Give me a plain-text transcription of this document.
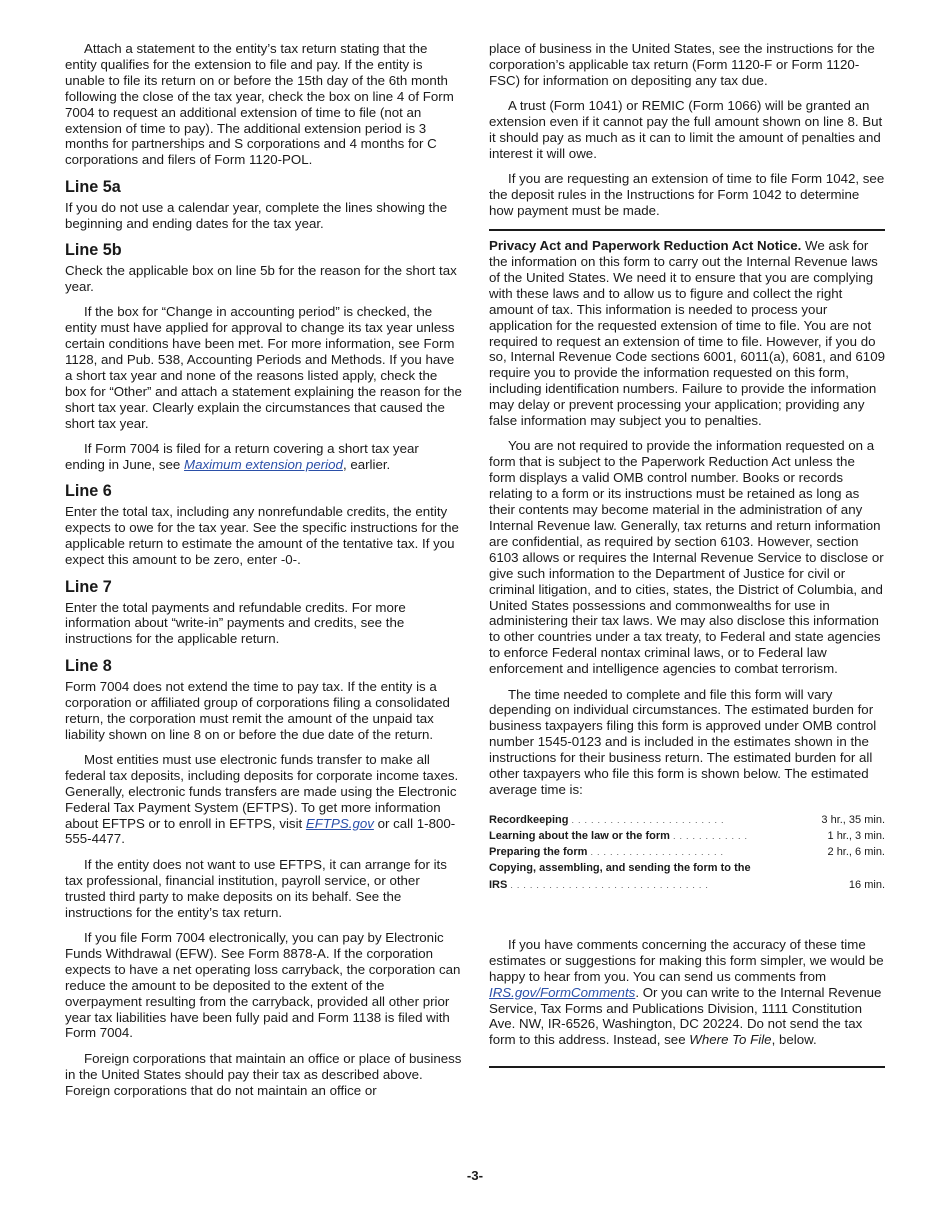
Attach a statement to the entity’s tax return stating that the entity qualifies for the extension to file and pay. If the entity is unable to file its return on or before the 15th day of the 6th month following the close of the tax year, check the box on line 4 of Form 7004 to request an additional extension of time to file (not an extension of time to pay). The additional extension period is 3 months for partnerships and S corporations and 4 months for C corporations and filers of Form 1120-POL.

Line 5a

If you do not use a calendar year, complete the lines showing the beginning and ending dates for the tax year.

Line 5b

Check the applicable box on line 5b for the reason for the short tax year.

If the box for “Change in accounting period” is checked, the entity must have applied for approval to change its tax year unless certain conditions have been met. For more information, see Form 1128, and Pub. 538, Accounting Periods and Methods. If you have a short tax year and none of the reasons listed apply, check the box for “Other” and attach a statement explaining the reason for the short tax year. Clearly explain the circumstances that caused the short tax year.

If Form 7004 is filed for a return covering a short tax year ending in June, see Maximum extension period, earlier.

Line 6

Enter the total tax, including any nonrefundable credits, the entity expects to owe for the tax year. See the specific instructions for the applicable return to estimate the amount of the tentative tax. If you expect this amount to be zero, enter -0-.

Line 7

Enter the total payments and refundable credits. For more information about “write-in” payments and credits, see the instructions for the applicable return.

Line 8

Form 7004 does not extend the time to pay tax. If the entity is a corporation or affiliated group of corporations filing a consolidated return, the corporation must remit the amount of the unpaid tax liability shown on line 8 on or before the due date of the return.

Most entities must use electronic funds transfer to make all federal tax deposits, including deposits for corporate income taxes. Generally, electronic funds transfers are made using the Electronic Federal Tax Payment System (EFTPS). To get more information about EFTPS or to enroll in EFTPS, visit EFTPS.gov or call 1-800-555-4477.

If the entity does not want to use EFTPS, it can arrange for its tax professional, financial institution, payroll service, or other trusted third party to make deposits on its behalf. See the instructions for the entity’s tax return.

If you file Form 7004 electronically, you can pay by Electronic Funds Withdrawal (EFW). See Form 8878-A. If the corporation expects to have a net operating loss carryback, the corporation can reduce the amount to be deposited to the extent of the overpayment resulting from the carryback, provided all other prior year tax liabilities have been fully paid and Form 1138 is filed with Form 7004.

Foreign corporations that maintain an office or place of business in the United States should pay their tax as described above. Foreign corporations that do not maintain an office or

place of business in the United States, see the instructions for the corporation’s applicable tax return (Form 1120-F or Form 1120-FSC) for information on depositing any tax due.

A trust (Form 1041) or REMIC (Form 1066) will be granted an extension even if it cannot pay the full amount shown on line 8. But it should pay as much as it can to limit the amount of penalties and interest it will owe.

If you are requesting an extension of time to file Form 1042, see the deposit rules in the Instructions for Form 1042 to determine how payment must be made.

Privacy Act and Paperwork Reduction Act Notice. We ask for the information on this form to carry out the Internal Revenue laws of the United States. We need it to ensure that you are complying with these laws and to allow us to figure and collect the right amount of tax. This information is needed to process your application for the requested extension of time to file. You are not required to request an extension of time to file. However, if you do so, Internal Revenue Code sections 6001, 6011(a), 6081, and 6109 require you to provide the information requested on this form, including identification numbers. Failure to provide the information may delay or prevent processing your application; providing any false information may subject you to penalties.

You are not required to provide the information requested on a form that is subject to the Paperwork Reduction Act unless the form displays a valid OMB control number. Books or records relating to a form or its instructions must be retained as long as their contents may become material in the administration of any Internal Revenue law. Generally, tax returns and return information are confidential, as required by section 6103. However, section 6103 allows or requires the Internal Revenue Service to disclose or give such information to the Department of Justice for civil or criminal litigation, and to cities, states, the District of Columbia, and United States possessions and commonwealths for use in administering their tax laws. We may also disclose this information to other countries under a tax treaty, to Federal and state agencies to enforce Federal nontax criminal laws, or to Federal law enforcement and intelligence agencies to combat terrorism.

The time needed to complete and file this form will vary depending on individual circumstances. The estimated burden for business taxpayers filing this form is approved under OMB control number 1545-0123 and is included in the estimates shown in the instructions for their business return. The estimated burden for all other taxpayers who file this form is shown below. The estimated average time is:

Recordkeeping ........................	3 hr., 35 min.
Learning about the law or the form ............	1 hr., 3 min.
Preparing the form .....................	2 hr., 6 min.
Copying, assembling, and sending the form to the
IRS ...............................	16 min.

If you have comments concerning the accuracy of these time estimates or suggestions for making this form simpler, we would be happy to hear from you. You can send us comments from IRS.gov/FormComments. Or you can write to the Internal Revenue Service, Tax Forms and Publications Division, 1111 Constitution Ave. NW, IR-6526, Washington, DC 20224. Do not send the tax form to this address. Instead, see Where To File, below.

-3-
